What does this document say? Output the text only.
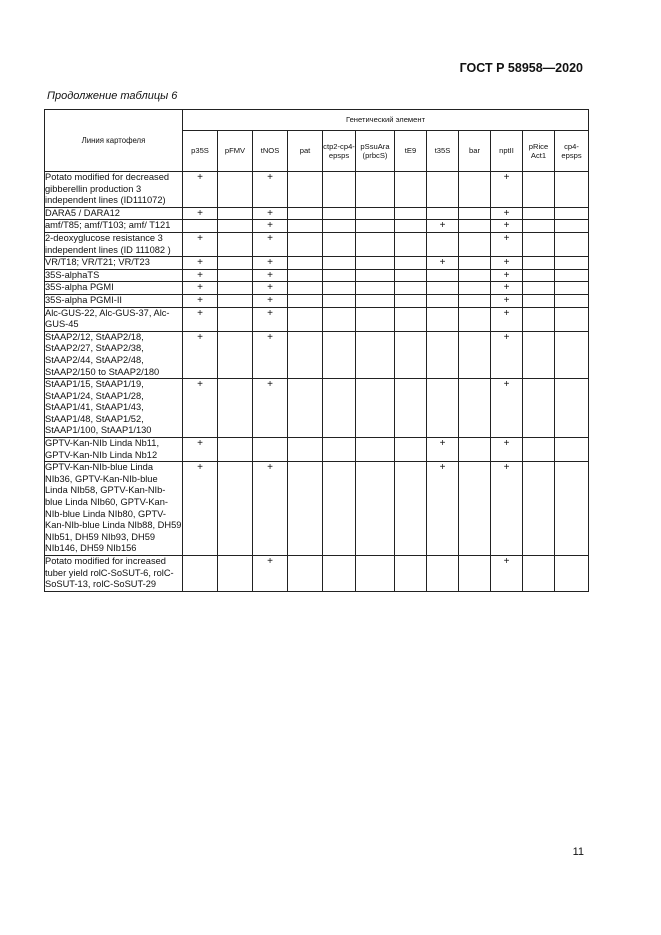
ГОСТ Р 58958—2020
Продолжение таблицы 6
Линия картофеля	Генетический элемент											
	p35S	pFMV	tNOS	pat	ctp2-cp4-epsps	pSsuAra (prbcS)	tE9	t35S	bar	nptII	pRice Act1	cp4-epsps
Potato modified for decreased gibberellin production 3 independent lines (ID111072)	+		+							+		
DARA5 / DARA12	+		+							+		
amf/T85; amf/T103; amf/ T121			+					+		+		
2-deoxyglucose resistance 3 independent lines (ID 111082 )	+		+							+		
VR/T18; VR/T21; VR/T23	+		+					+		+		
35S-alphaTS	+		+							+		
35S-alpha PGMI	+		+							+		
35S-alpha PGMI-II	+		+							+		
Alc-GUS-22, Alc-GUS-37, Alc-GUS-45	+		+							+		
StAAP2/12, StAAP2/18, StAAP2/27, StAAP2/38, StAAP2/44, StAAP2/48, StAAP2/150 to StAAP2/180	+		+							+		
StAAP1/15, StAAP1/19, StAAP1/24, StAAP1/28, StAAP1/41, StAAP1/43, StAAP1/48, StAAP1/52, StAAP1/100, StAAP1/130	+		+							+		
GPTV-Kan-NIb Linda Nb11, GPTV-Kan-NIb Linda Nb12	+							+		+		
GPTV-Kan-NIb-blue Linda NIb36, GPTV-Kan-NIb-blue Linda NIb58, GPTV-Kan-NIb-blue Linda NIb60, GPTV-Kan-NIb-blue Linda NIb80, GPTV-Kan-NIb-blue Linda NIb88, DH59 NIb51, DH59 NIb93, DH59 NIb146, DH59 NIb156	+		+					+		+		
Potato modified for increased tuber yield rolC-SoSUT-6, rolC-SoSUT-13, rolC-SoSUT-29			+							+		
11
